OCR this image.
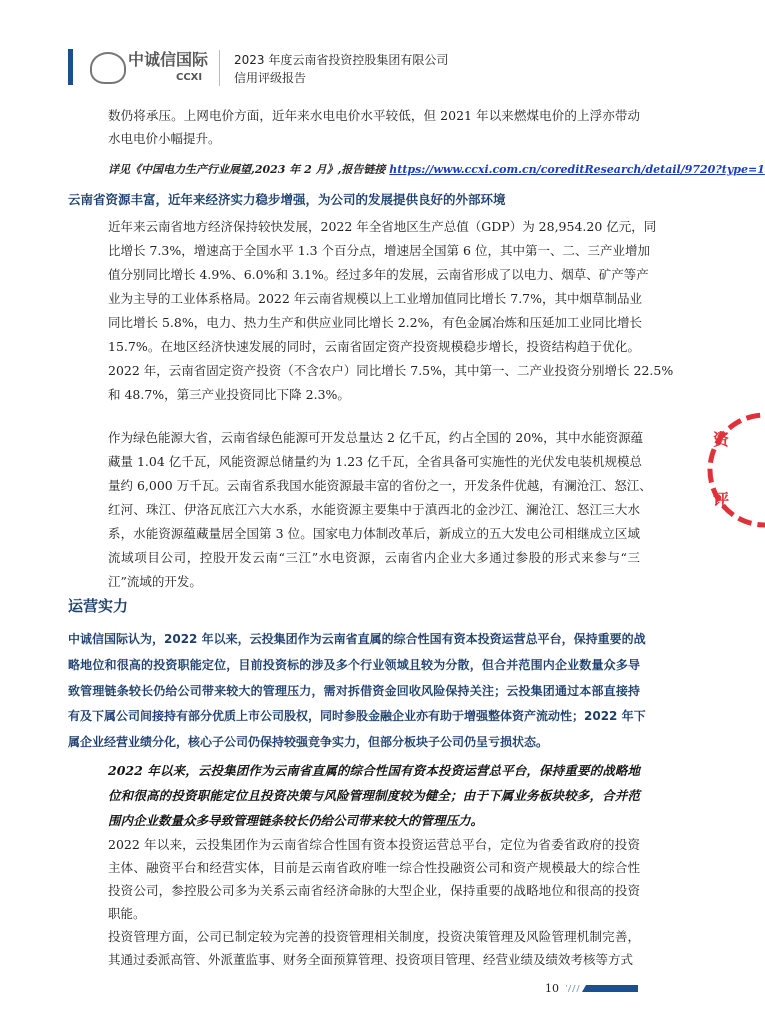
中诚信国际
CCXI
2023 年度云南省投资控股集团有限公司
信用评级报告
数仍将承压。上网电价方面，近年来水电电价水平较低，但 2021 年以来燃煤电价的上浮亦带动
水电电价小幅提升。
详见《中国电力生产行业展望,2023 年 2 月》,报告链接 https://www.ccxi.com.cn/coreditResearch/detail/9720?type=1
云南省资源丰富，近年来经济实力稳步增强，为公司的发展提供良好的外部环境
近年来云南省地方经济保持较快发展，2022 年全省地区生产总值（GDP）为 28,954.20 亿元，同
比增长 7.3%，增速高于全国水平 1.3 个百分点，增速居全国第 6 位，其中第一、二、三产业增加
值分别同比增长 4.9%、6.0%和 3.1%。经过多年的发展，云南省形成了以电力、烟草、矿产等产
业为主导的工业体系格局。2022 年云南省规模以上工业增加值同比增长 7.7%，其中烟草制品业
同比增长 5.8%，电力、热力生产和供应业同比增长 2.2%，有色金属冶炼和压延加工业同比增长
15.7%。在地区经济快速发展的同时，云南省固定资产投资规模稳步增长，投资结构趋于优化。
2022 年，云南省固定资产投资（不含农户）同比增长 7.5%，其中第一、二产业投资分别增长 22.5%
和 48.7%，第三产业投资同比下降 2.3%。
作为绿色能源大省，云南省绿色能源可开发总量达 2 亿千瓦，约占全国的 20%，其中水能资源蕴
藏量 1.04 亿千瓦，风能资源总储量约为 1.23 亿千瓦，全省具备可实施性的光伏发电装机规模总
量约 6,000 万千瓦。云南省系我国水能资源最丰富的省份之一，开发条件优越，有澜沧江、怒江、
红河、珠江、伊洛瓦底江六大水系，水能资源主要集中于滇西北的金沙江、澜沧江、怒江三大水
系，水能资源蕴藏量居全国第 3 位。国家电力体制改革后，新成立的五大发电公司相继成立区域
流域项目公司，控股开发云南“三江”水电资源，云南省内企业大多通过参股的形式来参与“三
江”流域的开发。
运营实力
中诚信国际认为，2022 年以来，云投集团作为云南省直属的综合性国有资本投资运营总平台，保持重要的战
略地位和很高的投资职能定位，目前投资标的涉及多个行业领域且较为分散，但合并范围内企业数量众多导
致管理链条较长仍给公司带来较大的管理压力，需对拆借资金回收风险保持关注；云投集团通过本部直接持
有及下属公司间接持有部分优质上市公司股权，同时参股金融企业亦有助于增强整体资产流动性；2022 年下
属企业经营业绩分化，核心子公司仍保持较强竞争实力，但部分板块子公司仍呈亏损状态。
2022 年以来，云投集团作为云南省直属的综合性国有资本投资运营总平台，保持重要的战略地
位和很高的投资职能定位且投资决策与风险管理制度较为健全；由于下属业务板块较多，合并范
围内企业数量众多导致管理链条较长仍给公司带来较大的管理压力。
2022 年以来，云投集团作为云南省综合性国有资本投资运营总平台，定位为省委省政府的投资
主体、融资平台和经营实体，目前是云南省政府唯一综合性投融资公司和资产规模最大的综合性
投资公司，参控股公司多为关系云南省经济命脉的大型企业，保持重要的战略地位和很高的投资
职能。
投资管理方面，公司已制定较为完善的投资管理相关制度，投资决策管理及风险管理机制完善，
其通过委派高管、外派董监事、财务全面预算管理、投资项目管理、经营业绩及绩效考核等方式
资
评
10
